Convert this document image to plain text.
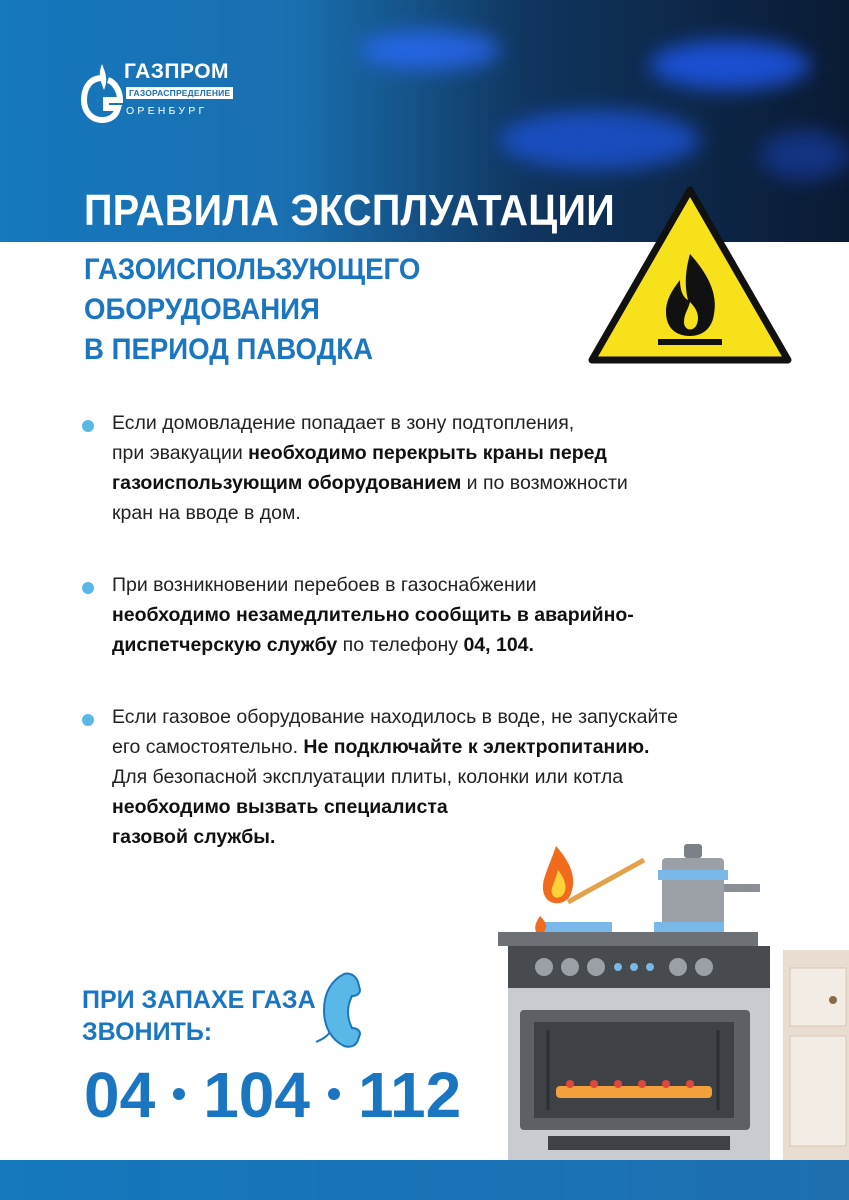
ГАЗПРОМ
ГАЗОРАСПРЕДЕЛЕНИЕ
ОРЕНБУРГ
ПРАВИЛА ЭКСПЛУАТАЦИИ
ГАЗОИСПОЛЬЗУЮЩЕГО
ОБОРУДОВАНИЯ
В ПЕРИОД ПАВОДКА

Если домовладение попадает в зону подтопления,

при эвакуации необходимо перекрыть краны перед

газоиспользующим оборудованием и по возможности

кран на вводе в дом.

При возникновении перебоев в газоснабжении

необходимо незамедлительно сообщить в аварийно-

диспетчерскую службу по телефону 04, 104.

Если газовое оборудование находилось в воде, не запускайте

его самостоятельно. Не подключайте к электропитанию.

Для безопасной эксплуатации плиты, колонки или котла

необходимо вызвать специалиста

газовой службы.

ПРИ ЗАПАХЕ ГАЗА
ЗВОНИТЬ:
04 104 112
